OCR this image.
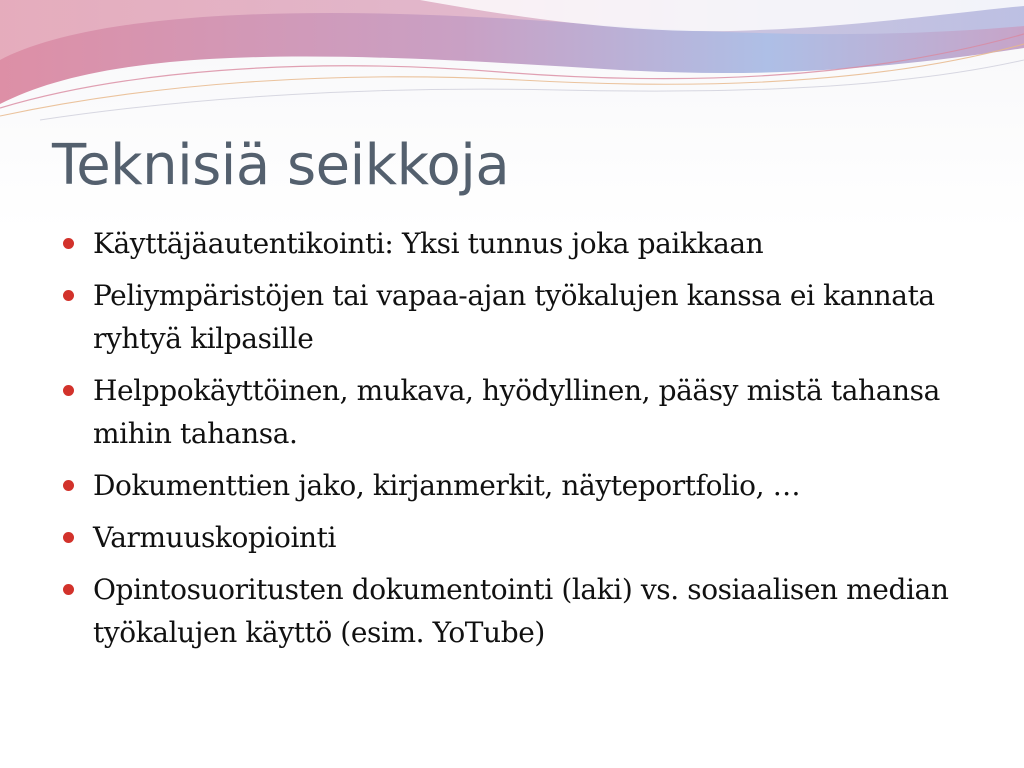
Teknisiä seikkoja
Käyttäjäautentikointi: Yksi tunnus joka paikkaan
Peliympäristöjen tai vapaa-ajan työkalujen kanssa ei kannata ryhtyä kilpasille
Helppokäyttöinen, mukava, hyödyllinen, pääsy mistä tahansa mihin tahansa.
Dokumenttien jako, kirjanmerkit, näyteportfolio, …
Varmuuskopiointi
Opintosuoritusten dokumentointi (laki) vs. sosiaalisen median työkalujen käyttö (esim. YoTube)
